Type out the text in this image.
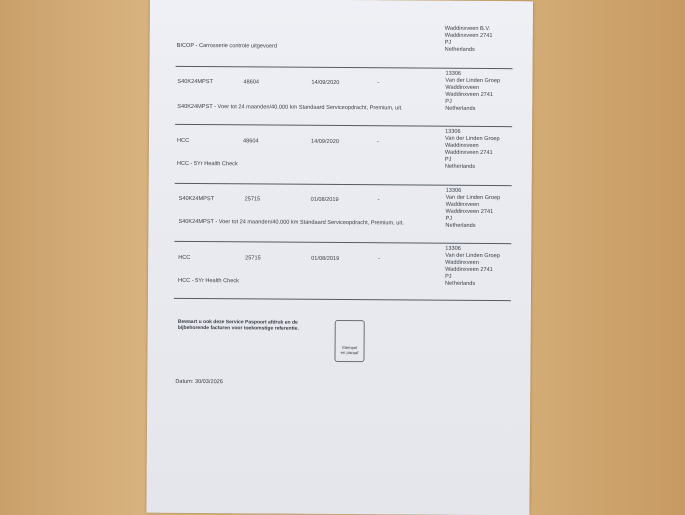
BICOP - Carrosserie controle uitgevoerd
Waddinxveen B.V.
Waddinxveen 2741
PJ
Netherlands
S40K24MPST	48604	14/09/2020	-
S40K24MPST - Voer tot 24 maanden/40.000 km Standaard Serviceopdracht, Premium, uit.
13306
Van der Linden Groep
Waddinxveen
Waddinxveen 2741
PJ
Netherlands
HCC	48604	14/09/2020	-
HCC - 5Yr Health Check
13306
Van der Linden Groep
Waddinxveen
Waddinxveen 2741
PJ
Netherlands
S40K24MPST	25715	01/08/2019	-
S40K24MPST - Voer tot 24 maanden/40.000 km Standaard Serviceopdracht, Premium, uit.
13306
Van der Linden Groep
Waddinxveen
Waddinxveen 2741
PJ
Netherlands
HCC	25715	01/08/2019	-
HCC - 5Yr Health Check
13306
Van der Linden Groep
Waddinxveen
Waddinxveen 2741
PJ
Netherlands
Bewaart u ook deze Service Paspoort afdruk en de
bijbehorende facturen voor toekomstige referentie.
Stempel
en paraaf
Datum: 30/03/2026
